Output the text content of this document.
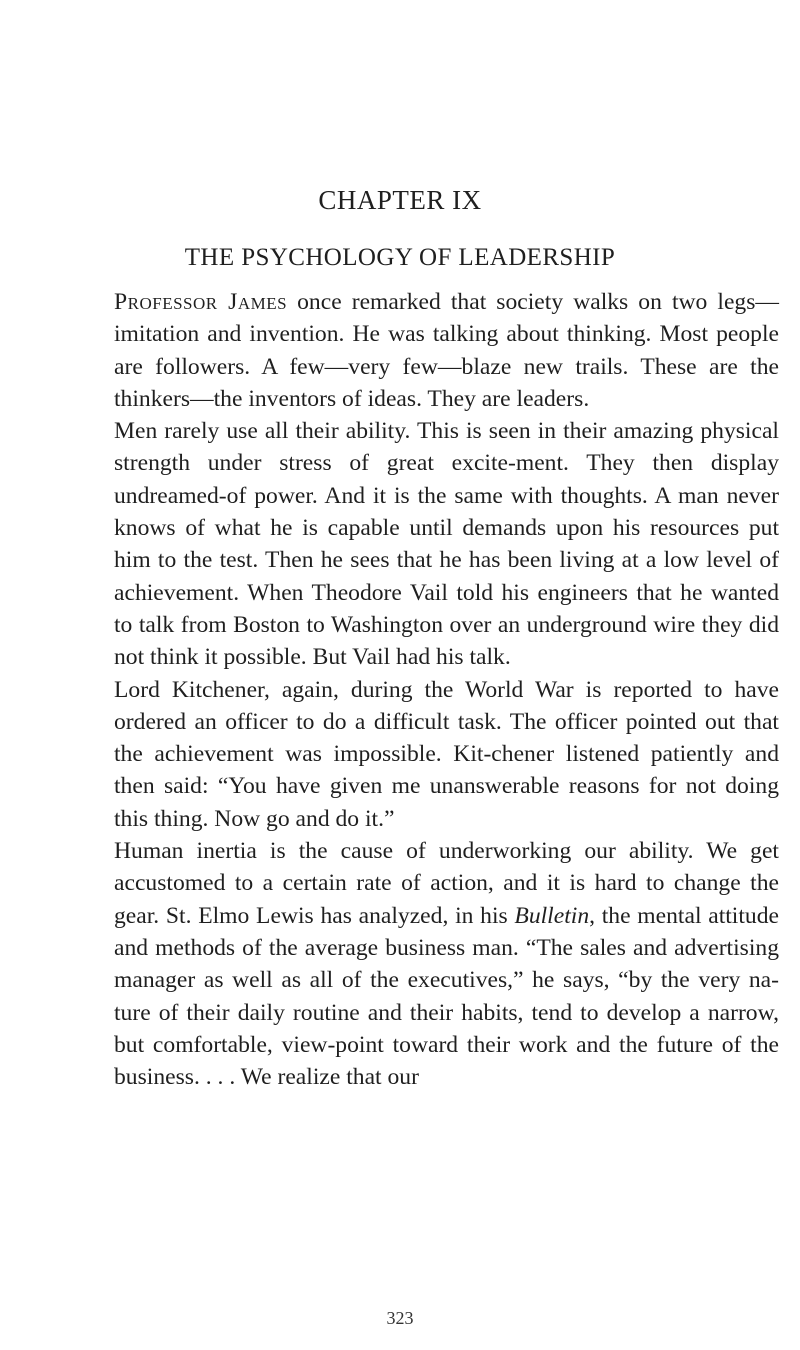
CHAPTER IX
THE PSYCHOLOGY OF LEADERSHIP

Professor James once remarked that society walks on two legs—imitation and invention. He was talking about thinking. Most people are followers. A few—very few—blaze new trails. These are the thinkers—the inventors of ideas. They are leaders.

Men rarely use all their ability. This is seen in their amazing physical strength under stress of great excite-ment. They then display undreamed-of power. And it is the same with thoughts. A man never knows of what he is capable until demands upon his resources put him to the test. Then he sees that he has been living at a low level of achievement. When Theodore Vail told his engineers that he wanted to talk from Boston to Washington over an underground wire they did not think it possible. But Vail had his talk.

Lord Kitchener, again, during the World War is reported to have ordered an officer to do a difficult task. The officer pointed out that the achievement was impossible. Kit-chener listened patiently and then said: “You have given me unanswerable reasons for not doing this thing. Now go and do it.”

Human inertia is the cause of underworking our ability. We get accustomed to a certain rate of action, and it is hard to change the gear. St. Elmo Lewis has analyzed, in his Bulletin, the mental attitude and methods of the average business man. “The sales and advertising manager as well as all of the executives,” he says, “by the very na-ture of their daily routine and their habits, tend to develop a narrow, but comfortable, view-point toward their work and the future of the business. . . . We realize that our

323
